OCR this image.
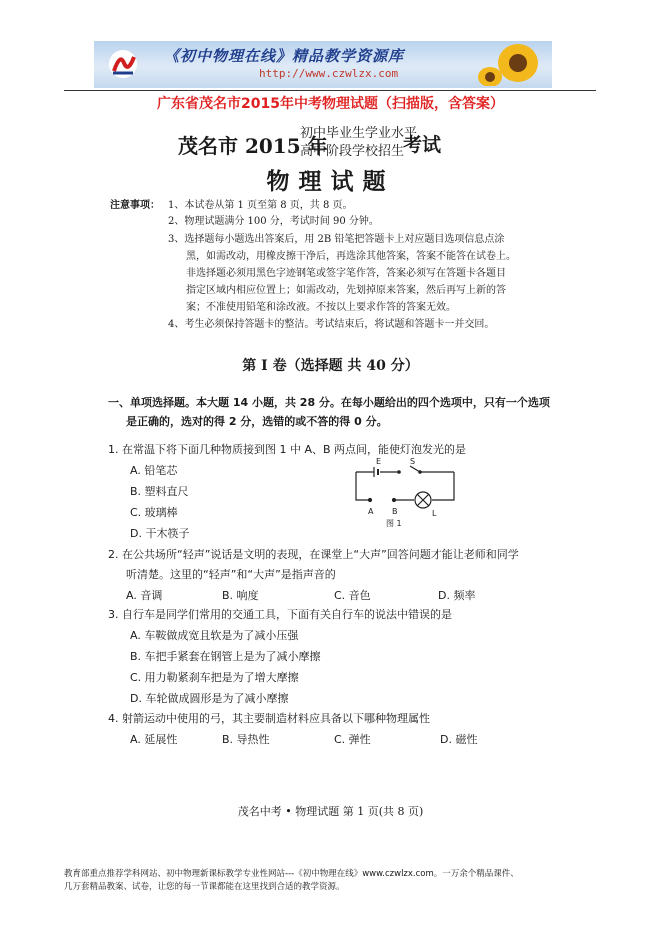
《初中物理在线》精品教学资源库
http://www.czwlzx.com
广东省茂名市2015年中考物理试题（扫描版，含答案）
茂名市 2015 年
初中毕业生学业水平
高中阶段学校招生
考试
物理试题
注意事项： 1、本试卷从第 1 页至第 8 页，共 8 页。
2、物理试题满分 100 分，考试时间 90 分钟。
3、选择题每小题选出答案后，用 2B 铅笔把答题卡上对应题目选项信息点涂
黑，如需改动，用橡皮擦干净后，再选涂其他答案，答案不能答在试卷上。
非选择题必须用黑色字迹钢笔或签字笔作答，答案必须写在答题卡各题目
指定区域内相应位置上；如需改动，先划掉原来答案，然后再写上新的答
案；不准使用铅笔和涂改液。不按以上要求作答的答案无效。
4、考生必须保持答题卡的整洁。考试结束后，将试题和答题卡一并交回。
第 I 卷（选择题 共 40 分）
一、单项选择题。本大题 14 小题，共 28 分。在每小题给出的四个选项中，只有一个选项
是正确的，选对的得 2 分，选错的或不答的得 0 分。
1. 在常温下将下面几种物质接到图 1 中 A、B 两点间，能使灯泡发光的是
A. 铅笔芯
B. 塑料直尺
C. 玻璃棒
D. 干木筷子
E	S
A B	L
图 1
2. 在公共场所“轻声”说话是文明的表现，在课堂上“大声”回答问题才能让老师和同学
听清楚。这里的“轻声”和“大声”是指声音的
A. 音调	B. 响度	C. 音色	D. 频率
3. 自行车是同学们常用的交通工具，下面有关自行车的说法中错误的是
A. 车鞍做成宽且软是为了减小压强
B. 车把手紧套在钢管上是为了减小摩擦
C. 用力勒紧刹车把是为了增大摩擦
D. 车轮做成圆形是为了减小摩擦
4. 射箭运动中使用的弓，其主要制造材料应具备以下哪种物理属性
A. 延展性	B. 导热性	C. 弹性	D. 磁性
茂名中考 • 物理试题 第 1 页(共 8 页)
教育部重点推荐学科网站、初中物理新课标教学专业性网站---《初中物理在线》www.czwlzx.com。一万余个精品课件、
几万套精品教案、试卷，让您的每一节课都能在这里找到合适的教学资源。
